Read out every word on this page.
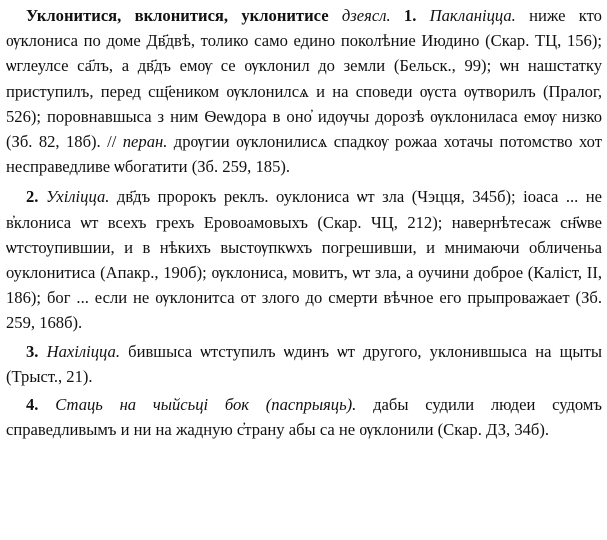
Уклонитися, вклонитися, уклонитисе дзеясл. 1. Пакланіцца. ниже кто ѹклониса по доме Дв҃двѣ, толико само едино поколѣние Июдино (Скар. ТЦ, 156); ѡглеулсе са҃лъ, а дв҃дъ емѹ се ѹклонил до земли (Бельск., 99); ѡн нашстатку приступилъ, перед сщ҃еником ѹклонилсѧ и на споведи ѹста ѹтворилъ (Пралог, 526); поровнавшыса з ним Ѳеѡдора в оно҆ идѹчы дорозѣ ѹклониласа емѹ низко (Зб. 82, 18б). // перан. дрѹгии ѹклонилисѧ спадкѹ рожаа хотачы потомство хот несправедливе ѡбогатити (Зб. 259, 185).

2. Ухіліцца. дв҃дъ пророкъ реклъ. оуклониса ѡт зла (Чэцця, 345б); іоаса ... не в҆клониса ѡт всехъ грехъ Еровоамовыхъ (Скар. ЧЦ, 212); навернѣтесаж сн҃ѡве ѡтстоупившии, и в нѣкихъ выстѹпкѡхъ погрешивши, и мнимаючи обличеньа оуклонитиса (Апакр., 190б); ѹклониса, мовитъ, ѡт зла, а оучини доброе (Каліст, II, 186); бог ... если не ѹклонитса от злого до смерти вѣчное его прыпроважает (Зб. 259, 168б).

3. Нахіліцца. бившыса ѡтступилъ ѡдинъ ѡт другого, уклонившыса на щыты (Трыст., 21).

4. Стаць на чыйсьці бок (паспрыяць). дабы судили людеи судомъ справедливымъ и ни на жадную с҆трану абы са не ѹклонили (Скар. ДЗ, 34б).
